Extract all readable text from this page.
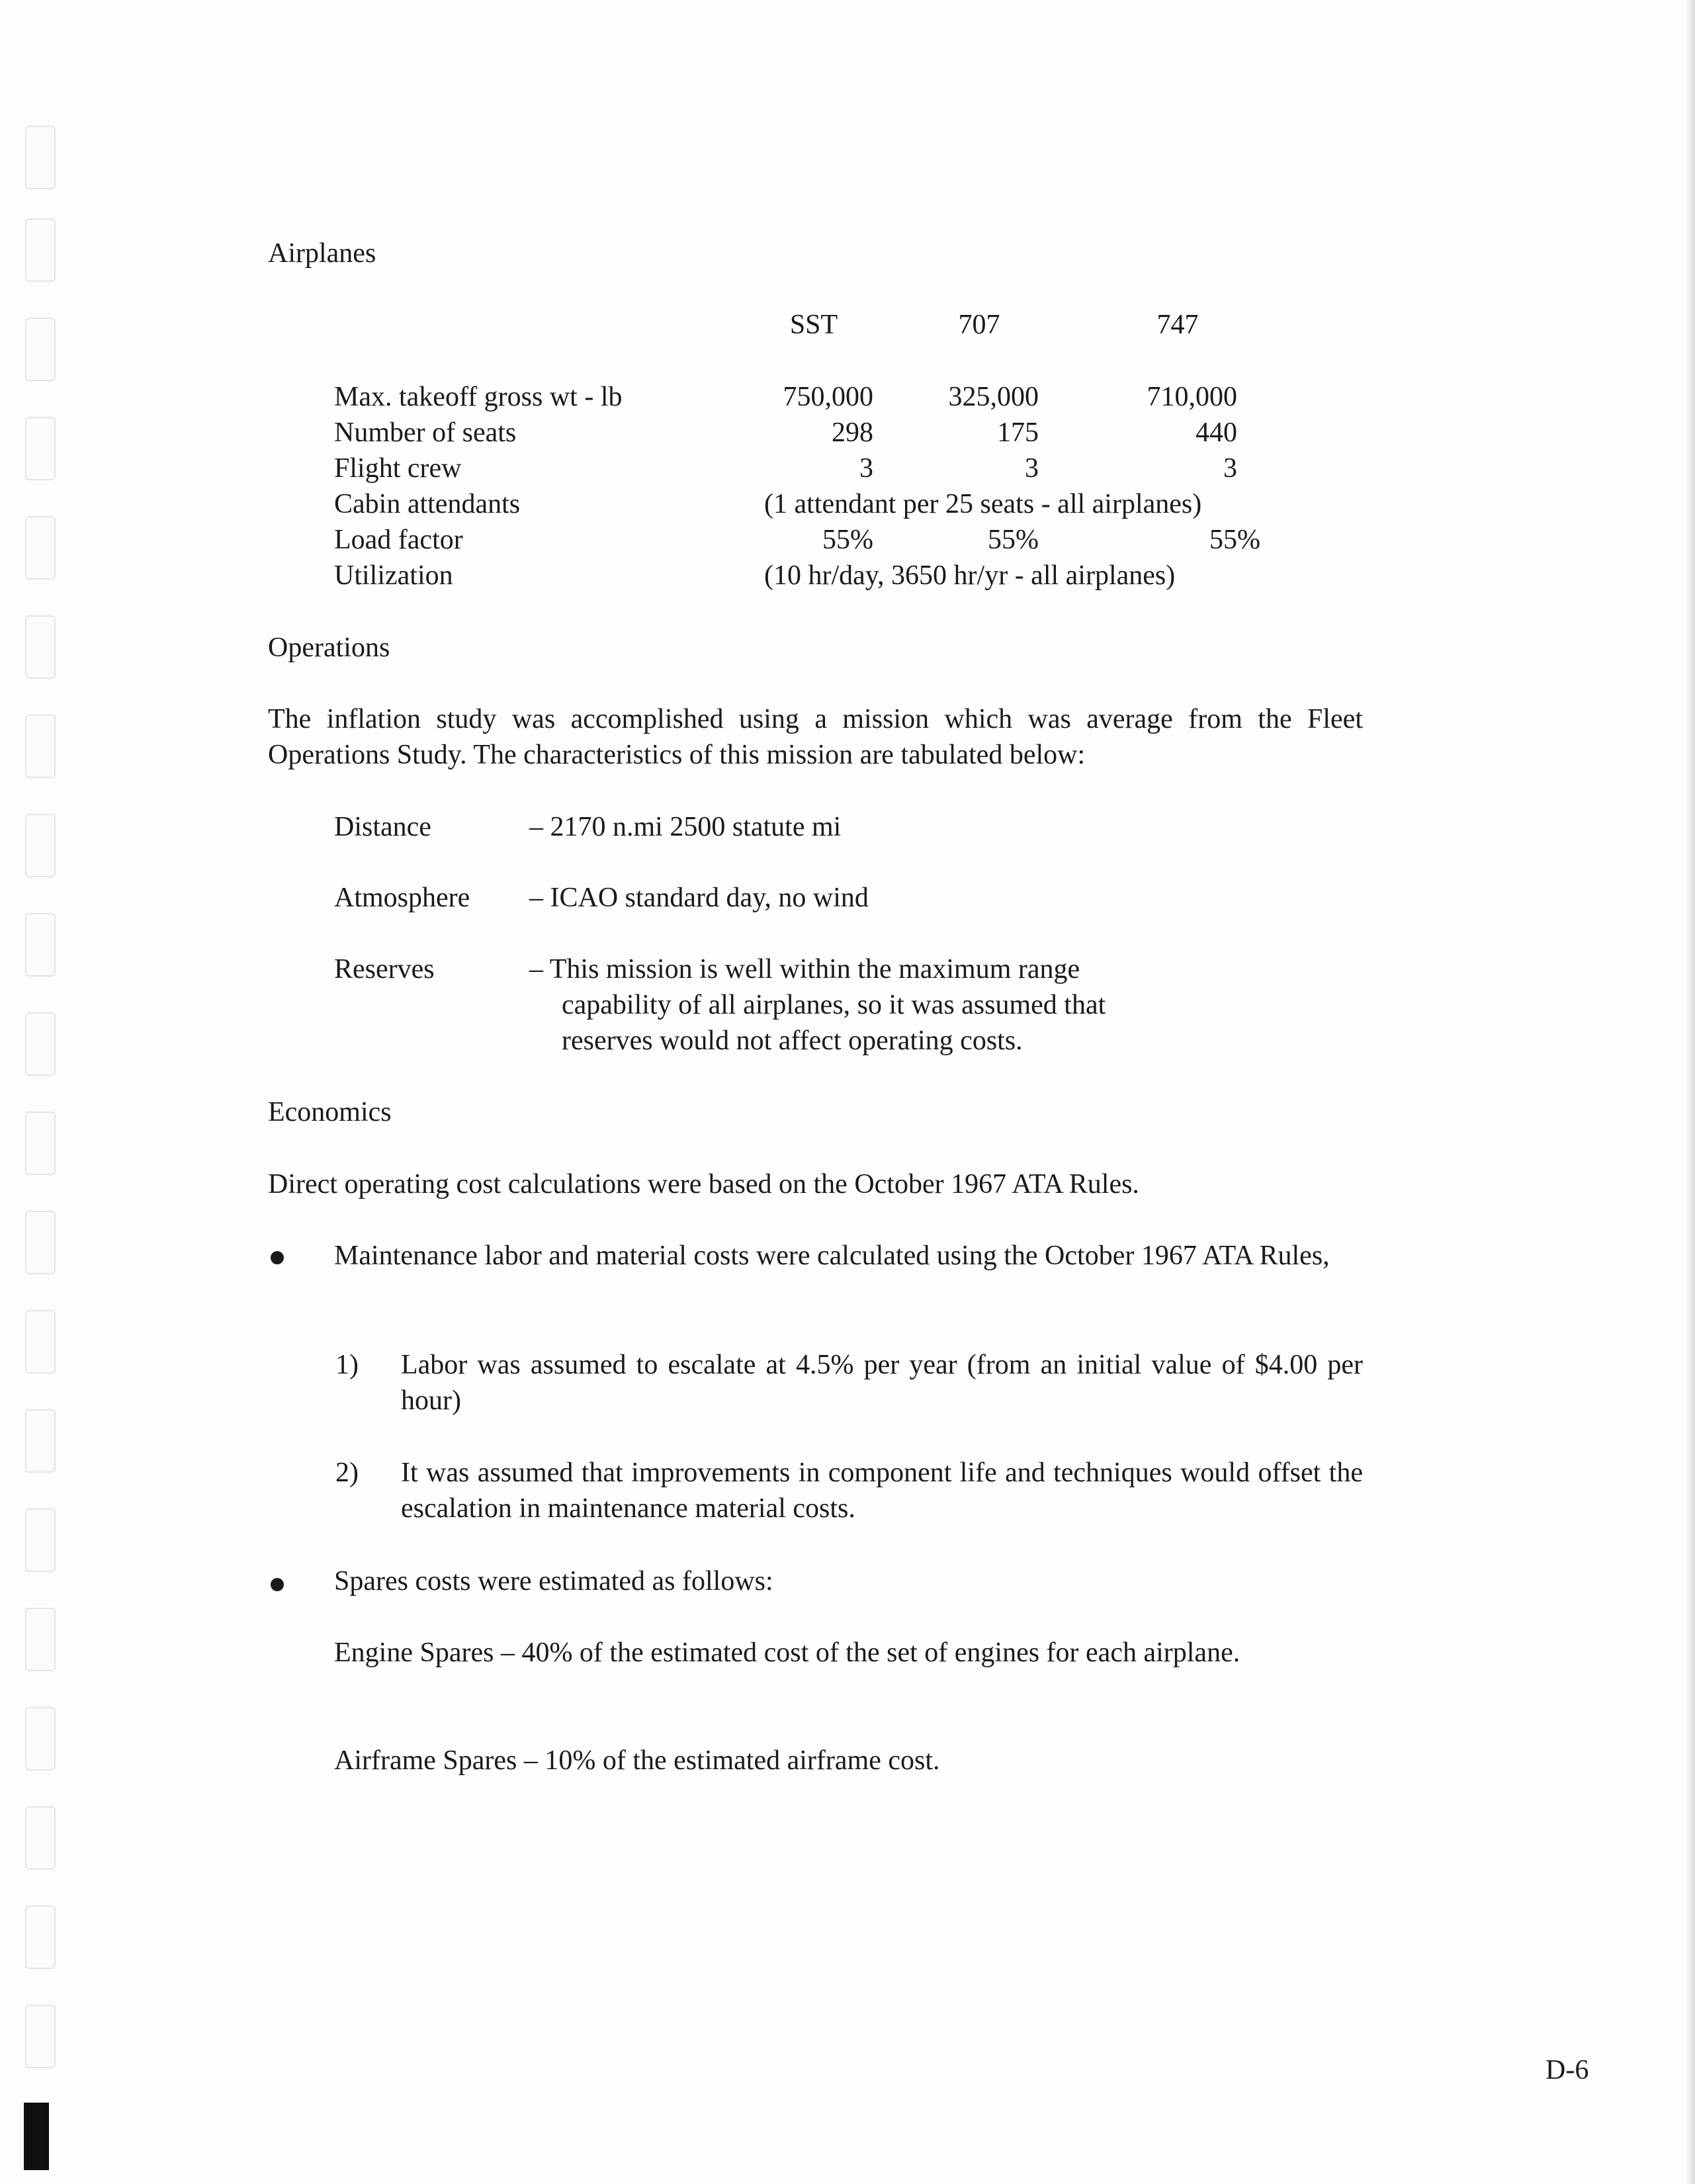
Airplanes
SST	707	747
Max. takeoff gross wt - lb	750,000	325,000	710,000
Number of seats	298	175	440
Flight crew	3	3	3
Cabin attendants	(1 attendant per 25 seats - all airplanes)
Load factor	55%	55%	55%
Utilization	(10 hr/day, 3650 hr/yr - all airplanes)
Operations
The inflation study was accomplished using a mission which was average from the Fleet Operations Study. The characteristics of this mission are tabulated below:
Distance	– 2170 n.mi 2500 statute mi
Atmosphere – ICAO standard day, no wind
Reserves	– This mission is well within the maximum range
capability of all airplanes, so it was assumed that
reserves would not affect operating costs.
Economics
Direct operating cost calculations were based on the October 1967 ATA Rules.
Maintenance labor and material costs were calculated using the October 1967 ATA Rules,
1) Labor was assumed to escalate at 4.5% per year (from an initial value of $4.00 per hour)
2) It was assumed that improvements in component life and techniques would offset the escalation in maintenance material costs.
Spares costs were estimated as follows:
Engine Spares – 40% of the estimated cost of the set of engines for each airplane.
Airframe Spares – 10% of the estimated airframe cost.
D-6
